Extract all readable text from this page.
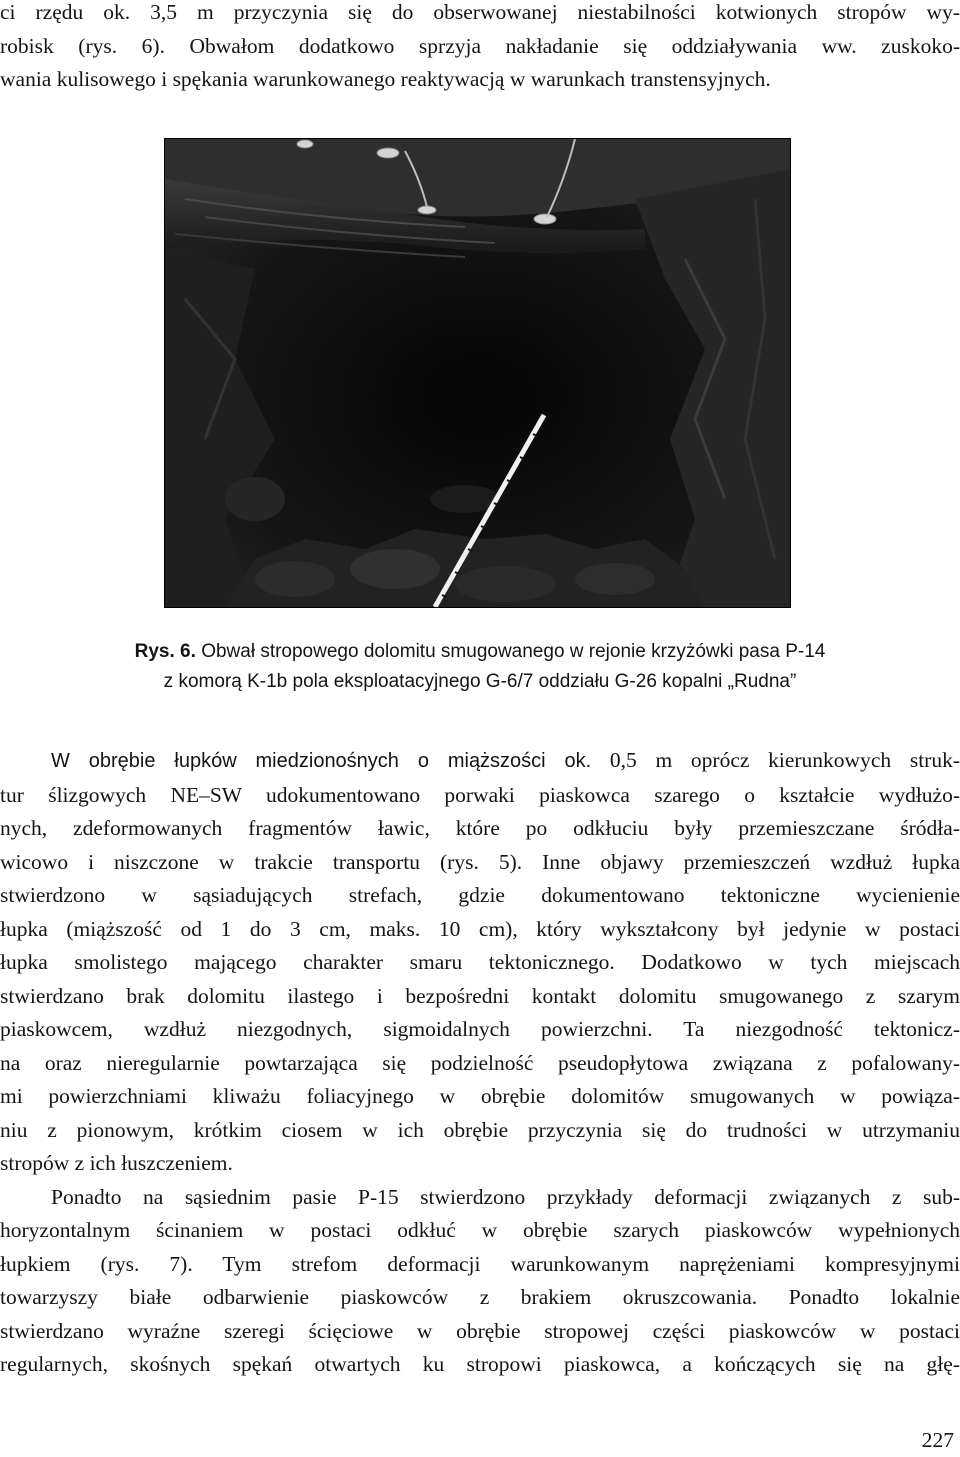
ci rzędu ok. 3,5 m przyczynia się do obserwowanej niestabilności kotwionych stropów wy-
robisk (rys. 6). Obwałom dodatkowo sprzyja nakładanie się oddziaływania ww. zuskoko-
wania kulisowego i spękania warunkowanego reaktywacją w warunkach transtensyjnych.
Rys. 6. Obwał stropowego dolomitu smugowanego w rejonie krzyżówki pasa P-14
z komorą K-1b pola eksploatacyjnego G-6/7 oddziału G-26 kopalni „Rudna”
W obrębie łupków miedzionośnych o miąższości ok. 0,5 m oprócz kierunkowych struk-
tur ślizgowych NE–SW udokumentowano porwaki piaskowca szarego o kształcie wydłużo-
nych, zdeformowanych fragmentów ławic, które po odkłuciu były przemieszczane śródła-
wicowo i niszczone w trakcie transportu (rys. 5). Inne objawy przemieszczeń wzdłuż łupka
stwierdzono w sąsiadujących strefach, gdzie dokumentowano tektoniczne wycienienie
łupka (miąższość od 1 do 3 cm, maks. 10 cm), który wykształcony był jedynie w postaci
łupka smolistego mającego charakter smaru tektonicznego. Dodatkowo w tych miejscach
stwierdzano brak dolomitu ilastego i bezpośredni kontakt dolomitu smugowanego z szarym
piaskowcem, wzdłuż niezgodnych, sigmoidalnych powierzchni. Ta niezgodność tektonicz-
na oraz nieregularnie powtarzająca się podzielność pseudopłytowa związana z pofalowany-
mi powierzchniami kliważu foliacyjnego w obrębie dolomitów smugowanych w powiąza-
niu z pionowym, krótkim ciosem w ich obrębie przyczynia się do trudności w utrzymaniu
stropów z ich łuszczeniem.
Ponadto na sąsiednim pasie P-15 stwierdzono przykłady deformacji związanych z sub-
horyzontalnym ścinaniem w postaci odkłuć w obrębie szarych piaskowców wypełnionych
łupkiem (rys. 7). Tym strefom deformacji warunkowanym naprężeniami kompresyjnymi
towarzyszy białe odbarwienie piaskowców z brakiem okruszcowania. Ponadto lokalnie
stwierdzano wyraźne szeregi ścięciowe w obrębie stropowej części piaskowców w postaci
regularnych, skośnych spękań otwartych ku stropowi piaskowca, a kończących się na głę-
227
